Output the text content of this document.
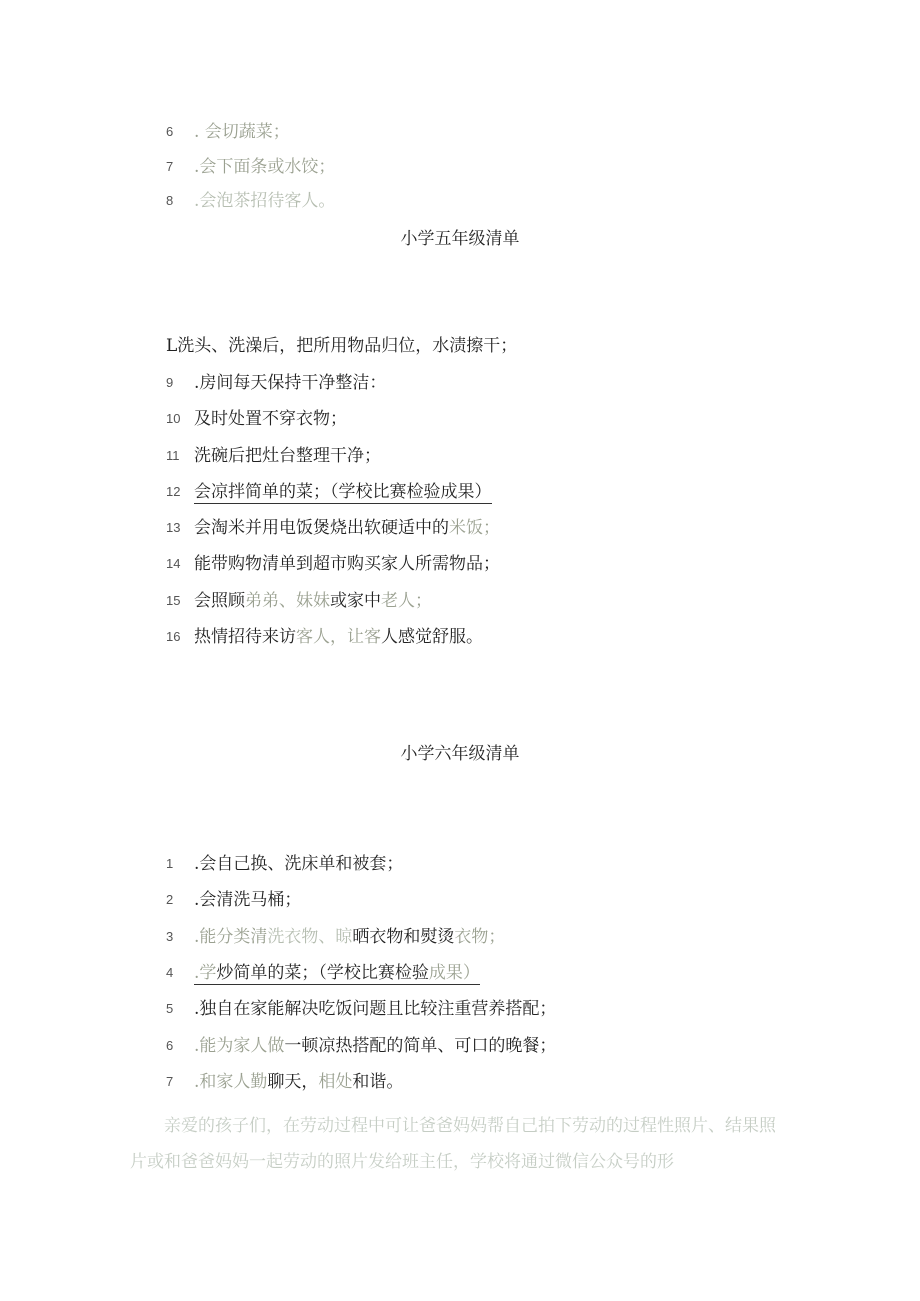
6 . 会切蔬菜；
7 .会下面条或水饺；
8 .会泡茶招待客人。
小学五年级清单
L洗头、洗澡后，把所用物品归位，水渍擦干；
9 .房间每天保持干净整洁：
10 及时处置不穿衣物；
11 洗碗后把灶台整理干净；
12 会凉拌简单的菜；（学校比赛检验成果）
13 会淘米并用电饭煲烧出软硬适中的米饭；
14 能带购物清单到超市购买家人所需物品；
15 会照顾弟弟、妹妹或家中老人；
16 热情招待来访客人，让客人感觉舒服。
小学六年级清单
1 .会自己换、洗床单和被套；
2 .会清洗马桶；
3 .能分类清洗衣物、晾晒衣物和熨烫衣物；
4 .学炒简单的菜；（学校比赛检验成果）
5 .独自在家能解决吃饭问题且比较注重营养搭配；
6 .能为家人做一顿凉热搭配的简单、可口的晚餐；
7 .和家人勤聊天，相处和谐。
亲爱的孩子们，在劳动过程中可让爸爸妈妈帮自己拍下劳动的过程性照片、结果照片或和爸爸妈妈一起劳动的照片发给班主任，学校将通过微信公众号的形
